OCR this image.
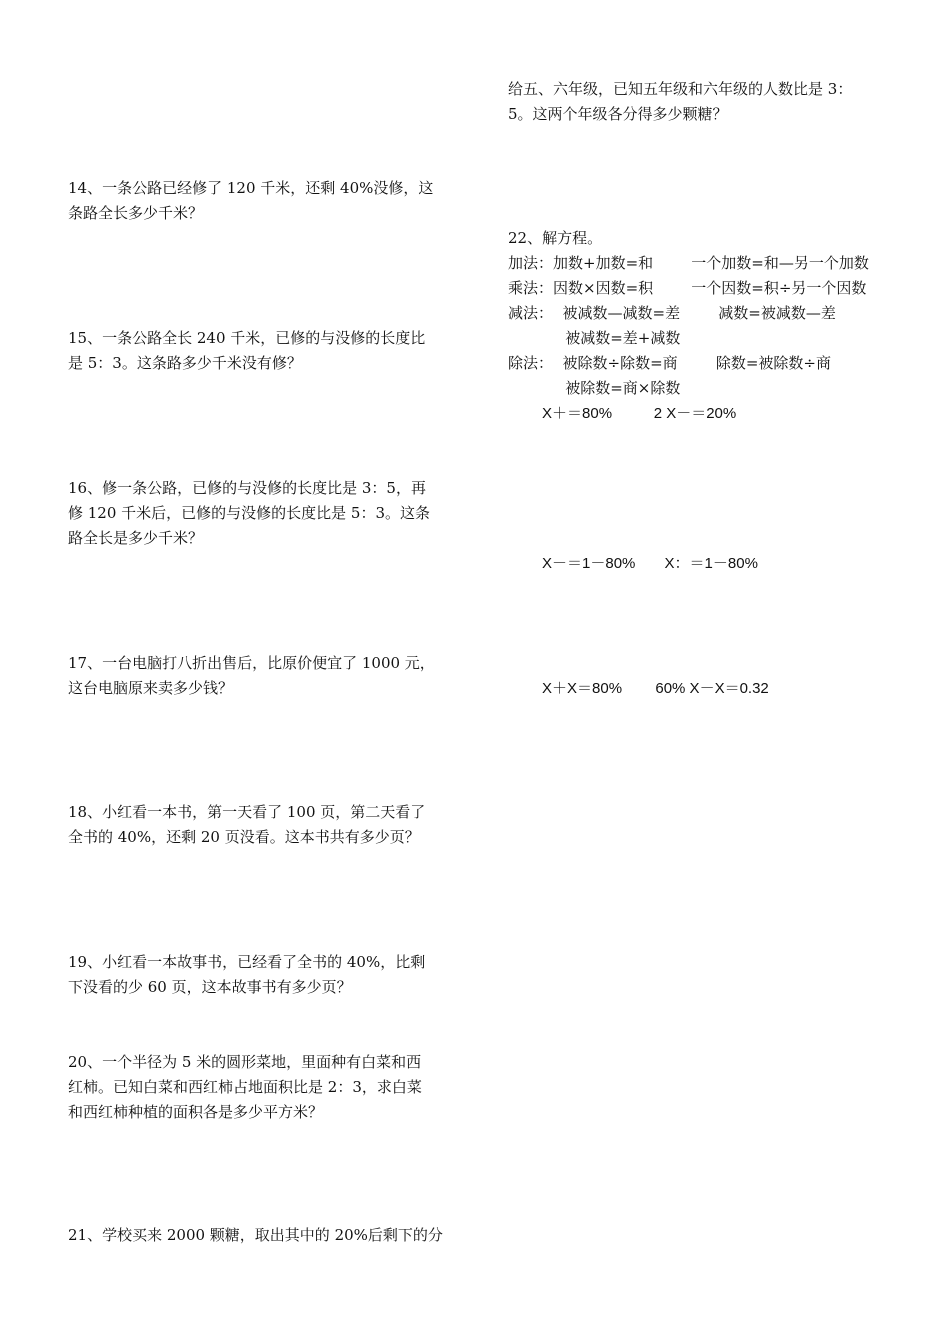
14、一条公路已经修了 120 千米，还剩 40%没修，这
条路全长多少千米？
15、一条公路全长 240 千米，已修的与没修的长度比
是 5：3。这条路多少千米没有修？
16、修一条公路，已修的与没修的长度比是 3：5，再
修 120 千米后，已修的与没修的长度比是 5：3。这条
路全长是多少千米？
17、一台电脑打八折出售后，比原价便宜了 1000 元，
这台电脑原来卖多少钱？
18、小红看一本书，第一天看了 100 页，第二天看了
全书的 40%，还剩 20 页没看。这本书共有多少页？
19、小红看一本故事书，已经看了全书的 40%，比剩
下没看的少 60 页，这本故事书有多少页？
20、一个半径为 5 米的圆形菜地，里面种有白菜和西
红柿。已知白菜和西红柿占地面积比是 2：3，求白菜
和西红柿种植的面积各是多少平方米？
21、学校买来 2000 颗糖，取出其中的 20%后剩下的分
给五、六年级，已知五年级和六年级的人数比是 3：
5。这两个年级各分得多少颗糖？
22、解方程。
加法：加数+加数=和        一个加数=和—另一个加数
乘法：因数×因数=积        一个因数=积÷另一个因数
减法：  被减数—减数=差        减数=被减数—差
被减数=差+减数
除法：  被除数÷除数=商        除数=被除数÷商
被除数=商×除数
X＋＝80%          2 X－＝20%
X－＝1－80%       X：＝1－80%
X＋X＝80%        60% X－X＝0.32
